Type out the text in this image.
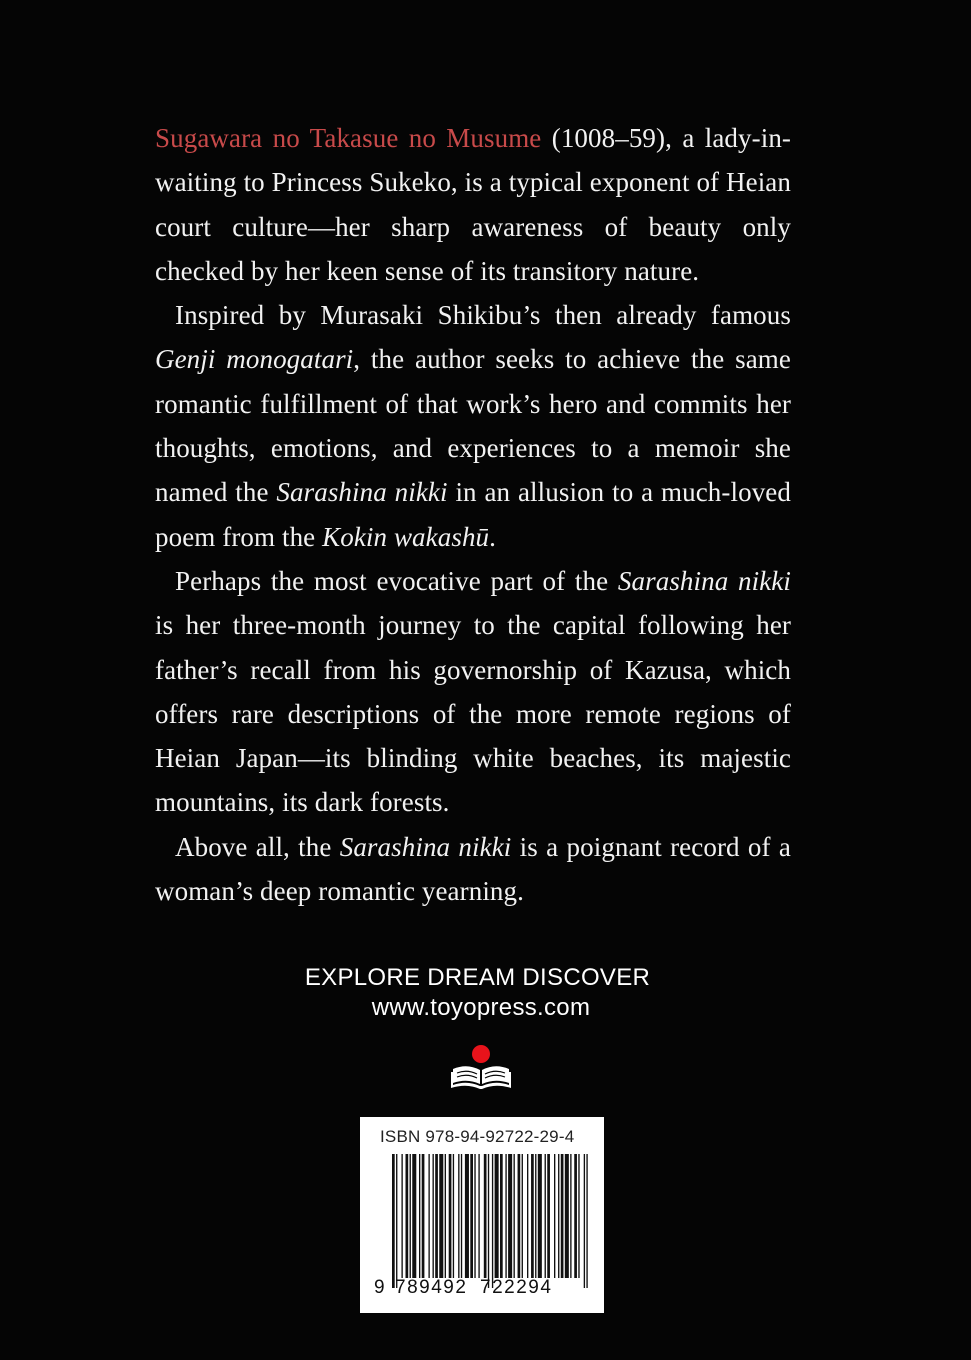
Sugawara no Takasue no Musume (1008–59), a lady-in-waiting to Princess Sukeko, is a typical exponent of Heian court culture—her sharp awareness of beauty only checked by her keen sense of its transitory nature.

Inspired by Murasaki Shikibu’s then already famous Genji monogatari, the author seeks to achieve the same romantic fulfillment of that work’s hero and commits her thoughts, emotions, and experiences to a memoir she named the Sarashina nikki in an allusion to a much-loved poem from the Kokin wakashū.

Perhaps the most evocative part of the Sarashina nikki is her three-month journey to the capital following her father’s recall from his governorship of Kazusa, which offers rare descriptions of the more remote regions of Heian Japan—its blinding white beaches, its majestic mountains, its dark forests.

Above all, the Sarashina nikki is a poignant record of a woman’s deep romantic yearning.

EXPLORE DREAM DISCOVER
www.toyopress.com
ISBN 978-94-92722-29-4
9 789492 722294
